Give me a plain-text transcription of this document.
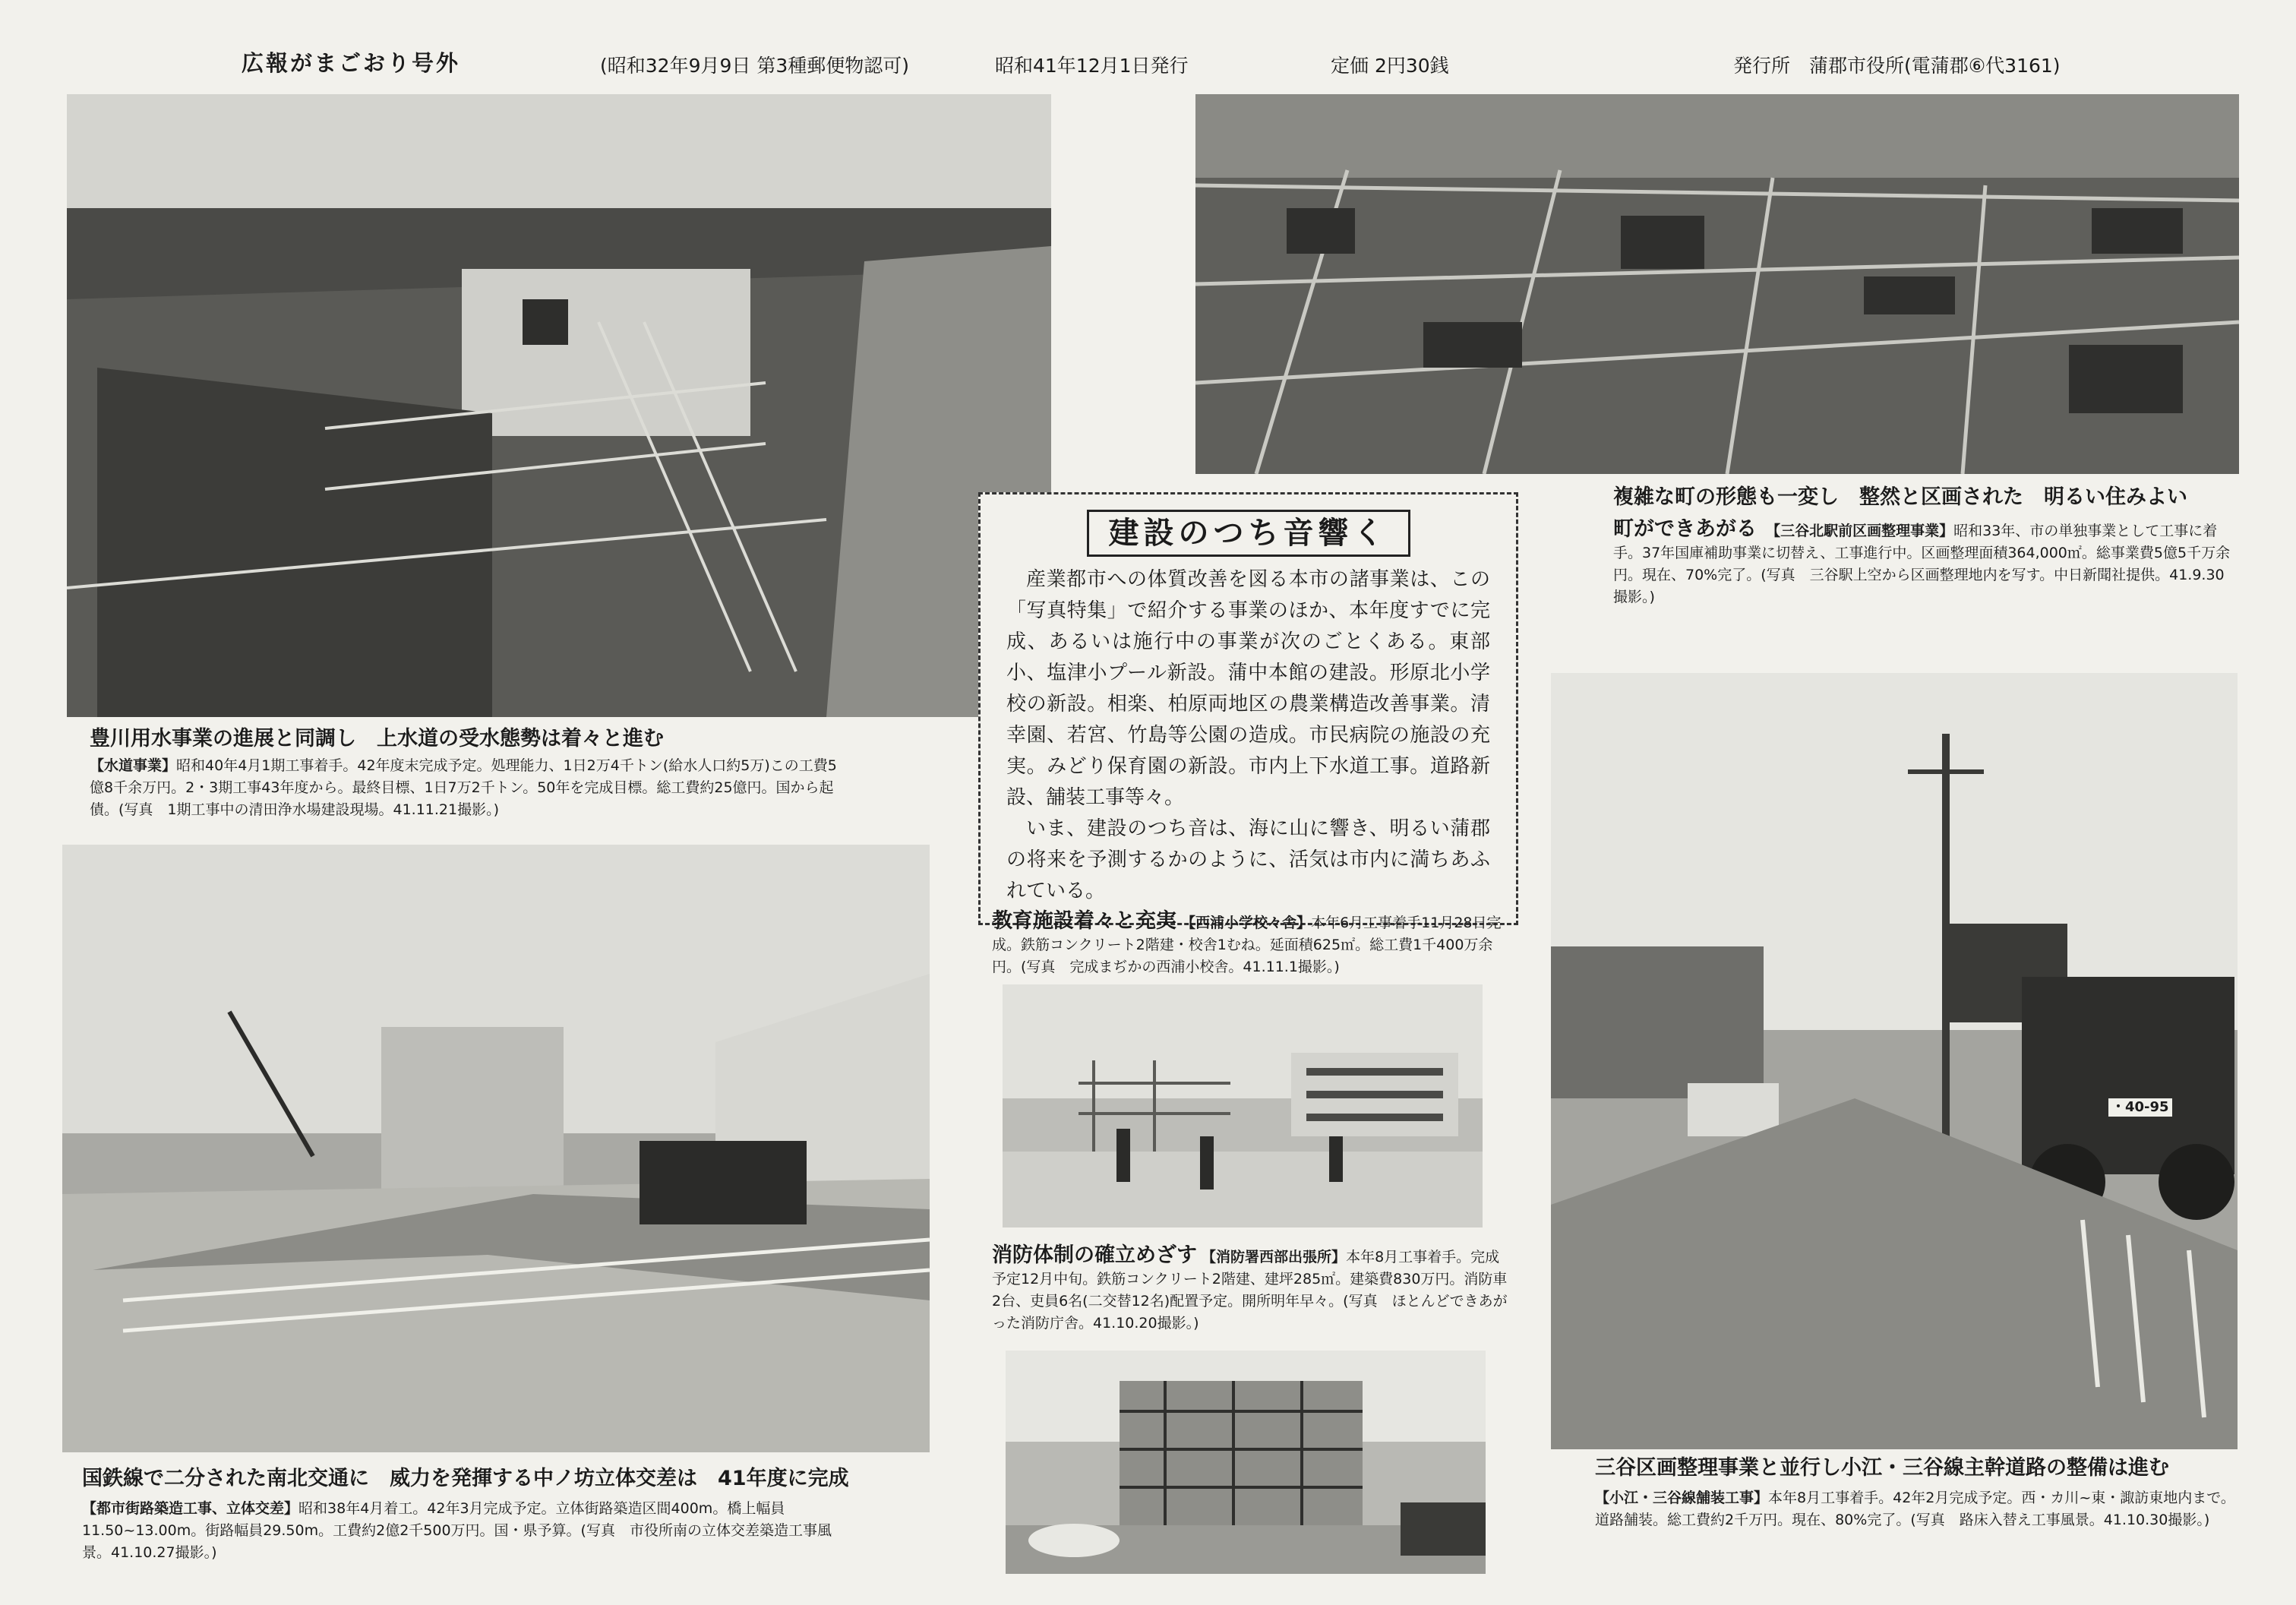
広報がまごおり号外	(昭和32年9月9日 第3種郵便物認可)	昭和41年12月1日発行	定価 2円30銭	発行所　蒲郡市役所(電蒲郡⑥代3161)
建設のつち音響く

産業都市への体質改善を図る本市の諸事業は、この「写真特集」で紹介する事業のほか、本年度すでに完成、あるいは施行中の事業が次のごとくある。東部小、塩津小プール新設。蒲中本館の建設。形原北小学校の新設。相楽、柏原両地区の農業構造改善事業。清幸園、若宮、竹島等公園の造成。市民病院の施設の充実。みどり保育園の新設。市内上下水道工事。道路新設、舗装工事等々。

いま、建設のつち音は、海に山に響き、明るい蒲郡の将来を予測するかのように、活気は市内に満ちあふれている。

豊川用水事業の進展と同調し　上水道の受水態勢は着々と進む
【水道事業】昭和40年4月1期工事着手。42年度末完成予定。処理能力、1日2万4千トン(給水人口約5万)この工費5億8千余万円。2・3期工事43年度から。最終目標、1日7万2千トン。50年を完成目標。総工費約25億円。国から起債。(写真　1期工事中の清田浄水場建設現場。41.11.21撮影。)
国鉄線で二分された南北交通に　威力を発揮する中ノ坊立体交差は　41年度に完成
【都市街路築造工事、立体交差】昭和38年4月着工。42年3月完成予定。立体街路築造区間400m。橋上幅員11.50~13.00m。街路幅員29.50m。工費約2億2千500万円。国・県予算。(写真　市役所南の立体交差築造工事風景。41.10.27撮影。)
複雑な町の形態も一変し　整然と区画された　明るい住みよい
町ができあがる 【三谷北駅前区画整理事業】昭和33年、市の単独事業として工事に着手。37年国庫補助事業に切替え、工事進行中。区画整理面積364,000㎡。総事業費5億5千万余円。現在、70%完了。(写真　三谷駅上空から区画整理地内を写す。中日新聞社提供。41.9.30撮影。)
教育施設着々と充実 【西浦小学校々舎】本年6月工事着手11月28日完成。鉄筋コンクリート2階建・校舎1むね。延面積625㎡。総工費1千400万余円。(写真　完成まぢかの西浦小校舎。41.11.1撮影。)
消防体制の確立めざす 【消防署西部出張所】本年8月工事着手。完成予定12月中旬。鉄筋コンクリート2階建、建坪285㎡。建築費830万円。消防車2台、吏員6名(二交替12名)配置予定。開所明年早々。(写真　ほとんどできあがった消防庁舎。41.10.20撮影。)
・40-95
三谷区画整理事業と並行し小江・三谷線主幹道路の整備は進む
【小江・三谷線舗装工事】本年8月工事着手。42年2月完成予定。西・カ川~東・諏訪東地内まで。道路舗装。総工費約2千万円。現在、80%完了。(写真　路床入替え工事風景。41.10.30撮影。)
